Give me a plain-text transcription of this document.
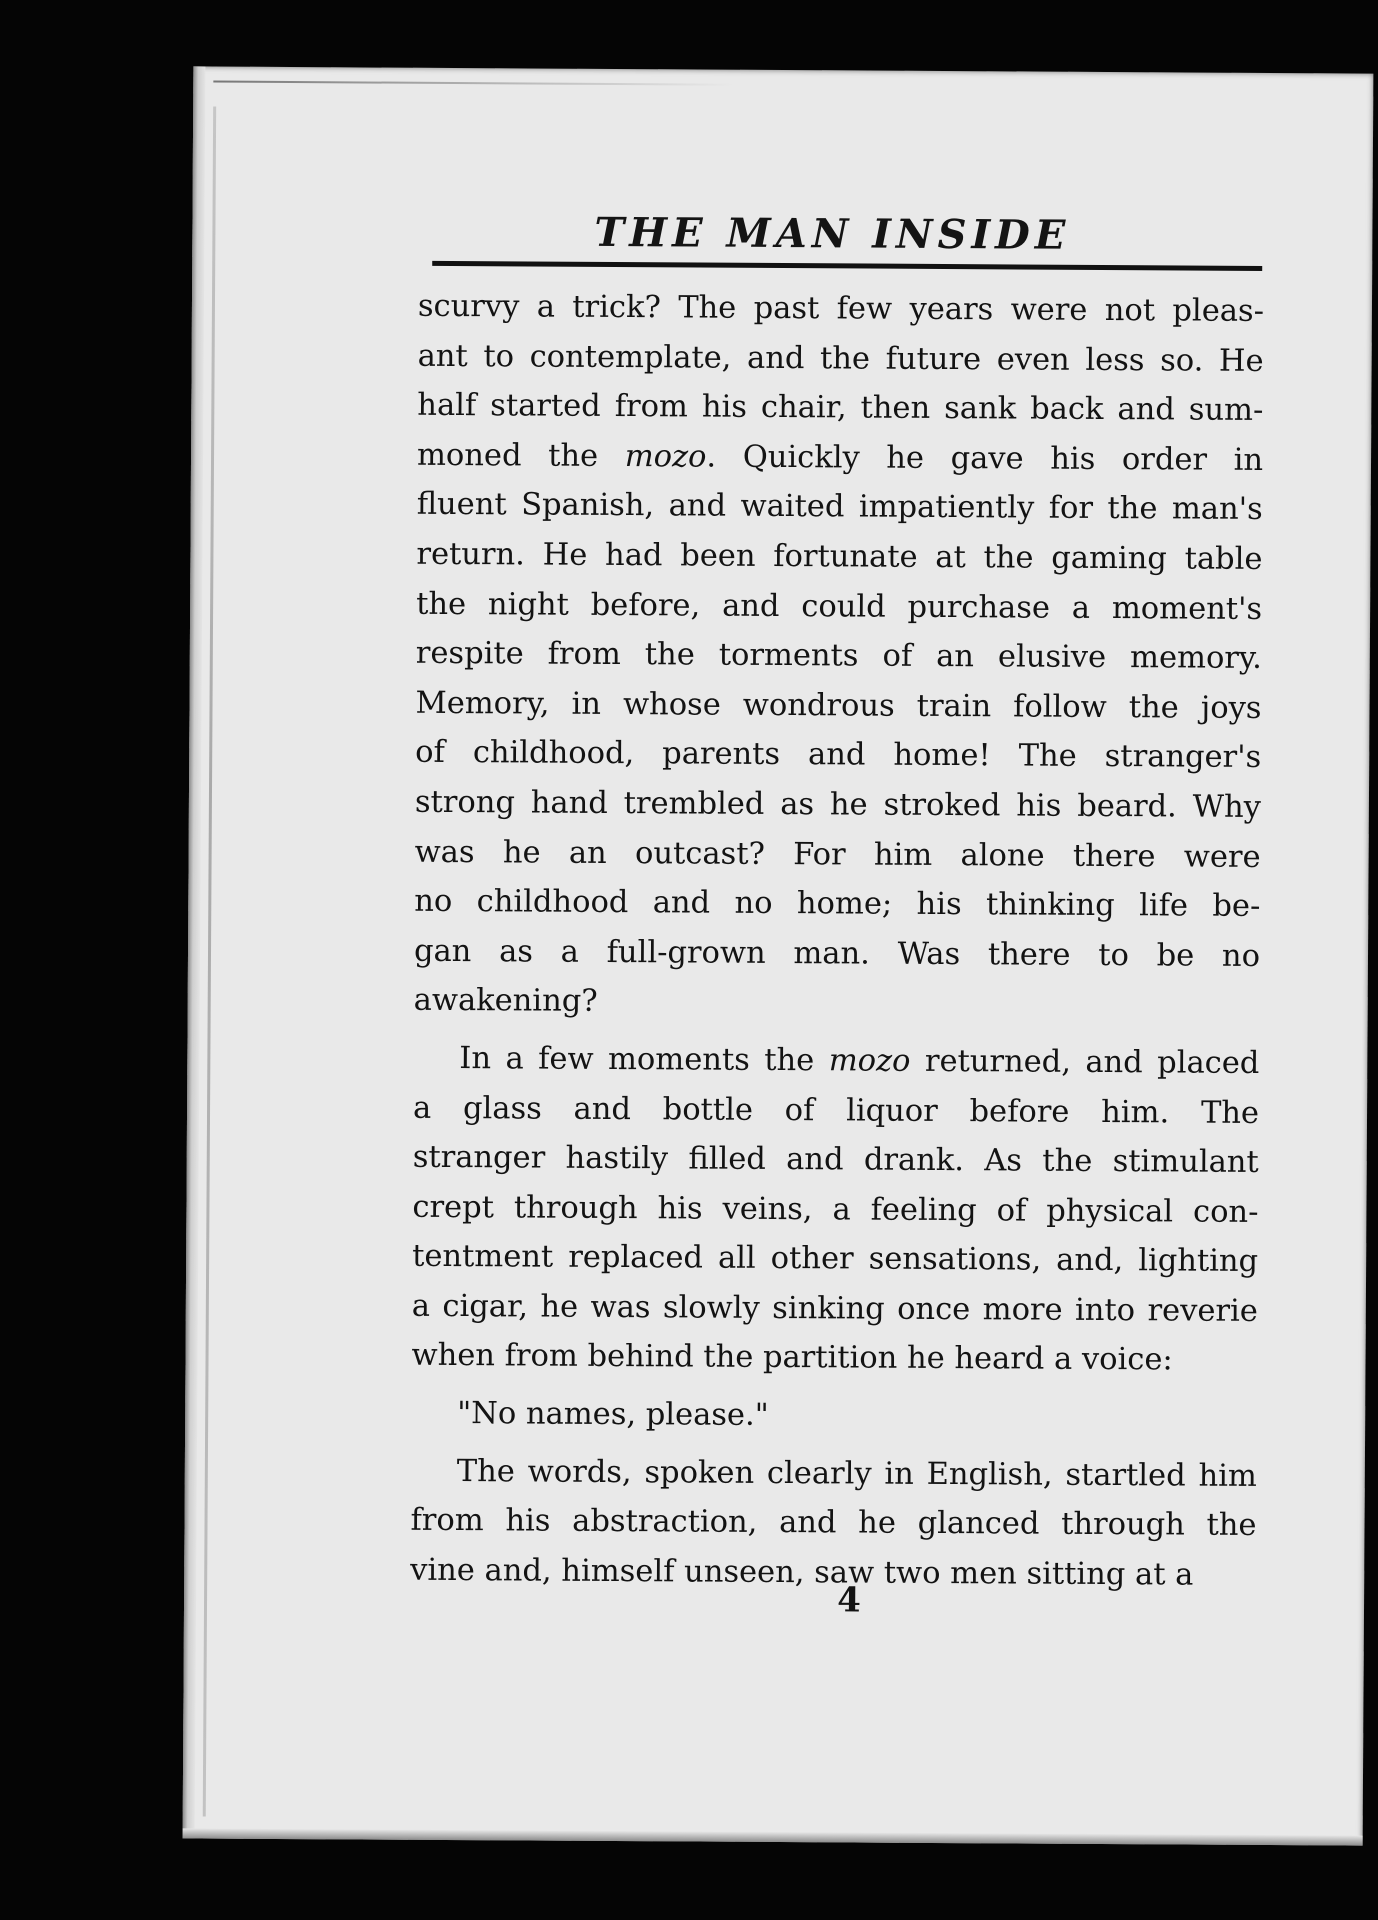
THE MAN INSIDE
scurvy a trick? The past few years were not pleas-
ant to contemplate, and the future even less so. He
half started from his chair, then sank back and sum-
moned the mozo. Quickly he gave his order in
fluent Spanish, and waited impatiently for the man's
return. He had been fortunate at the gaming table
the night before, and could purchase a moment's
respite from the torments of an elusive memory.
Memory, in whose wondrous train follow the joys
of childhood, parents and home! The stranger's
strong hand trembled as he stroked his beard. Why
was he an outcast? For him alone there were
no childhood and no home; his thinking life be-
gan as a full-grown man. Was there to be no
awakening?
In a few moments the mozo returned, and placed
a glass and bottle of liquor before him. The
stranger hastily filled and drank. As the stimulant
crept through his veins, a feeling of physical con-
tentment replaced all other sensations, and, lighting
a cigar, he was slowly sinking once more into reverie
when from behind the partition he heard a voice:
"No names, please."
The words, spoken clearly in English, startled him
from his abstraction, and he glanced through the
vine and, himself unseen, saw two men sitting at a
4
